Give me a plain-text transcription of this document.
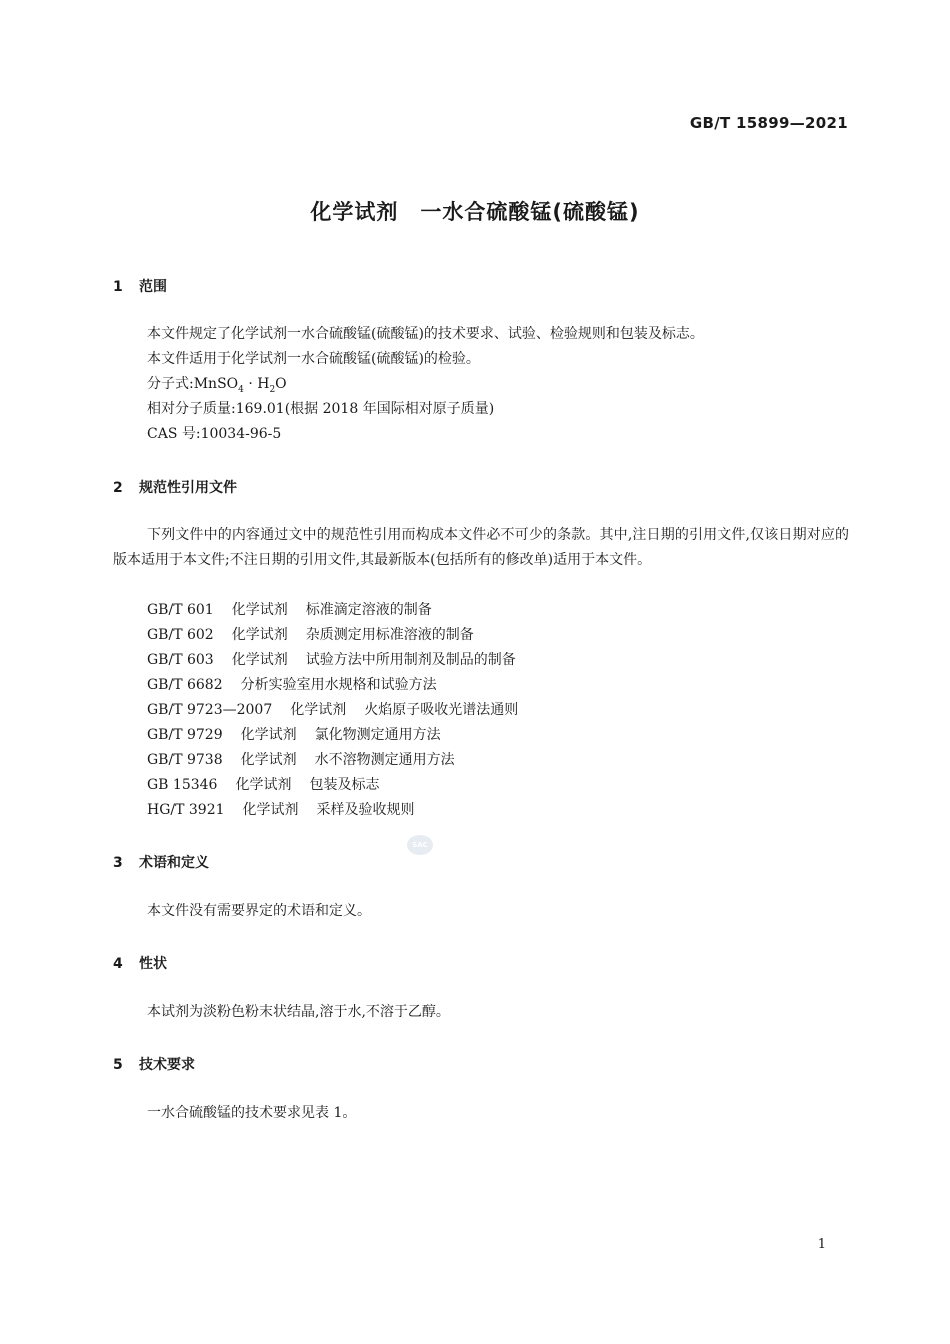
GB/T 15899—2021
化学试剂　一水合硫酸锰(硫酸锰)
1 范围
本文件规定了化学试剂一水合硫酸锰(硫酸锰)的技术要求、试验、检验规则和包装及标志。
本文件适用于化学试剂一水合硫酸锰(硫酸锰)的检验。
分子式:MnSO$_4$ · $H_2O$
相对分子质量:169.01(根据 2018 年国际相对原子质量)
CAS 号:10034-96-5
2 规范性引用文件
下列文件中的内容通过文中的规范性引用而构成本文件必不可少的条款。其中,注日期的引用文件,仅该日期对应的版本适用于本文件;不注日期的引用文件,其最新版本(包括所有的修改单)适用于本文件。
GB/T 601 化学试剂 标准滴定溶液的制备
GB/T 602 化学试剂 杂质测定用标准溶液的制备
GB/T 603 化学试剂 试验方法中所用制剂及制品的制备
GB/T 6682 分析实验室用水规格和试验方法
GB/T 9723—2007 化学试剂 火焰原子吸收光谱法通则
GB/T 9729 化学试剂 氯化物测定通用方法
GB/T 9738 化学试剂 水不溶物测定通用方法
GB 15346 化学试剂 包装及标志
HG/T 3921 化学试剂 采样及验收规则
SAC
3 术语和定义
本文件没有需要界定的术语和定义。
4 性状
本试剂为淡粉色粉末状结晶,溶于水,不溶于乙醇。
5 技术要求
一水合硫酸锰的技术要求见表 1。
1
